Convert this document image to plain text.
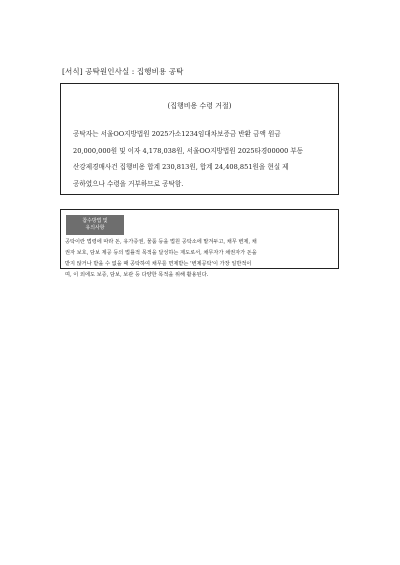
[서식] 공탁원인사실 : 집행비용 공탁
(집행비용 수령 거절)
공탁자는 서울OO지방법원 2025가소1234임대차보증금 반환 금액 원금
20,000,000원 및 이자 4,178,038원, 서울OO지방법원 2025타경00000 부동
산강제경매사건 집행비용 합계 230,813원, 합계 24,408,851원을 현실 제
공하였으나 수령을 거부하므로 공탁함.
참수방법 및
유의사항
공탁이란 법령에 따라 돈, 유가증권, 물품 등을 법원 공탁소에 맡겨두고, 채무 변제, 채
권자 보호, 담보 제공 등의 법률적 목적을 달성하는 제도로서, 채무자가 채권자가 돈을
받지 않거나 받을 수 없을 때 공탁하여 채무를 면제받는 '변제공탁'이 가장 일반적이
며, 이 외에도 보증, 담보, 보관 등 다양한 목적을 위해 활용된다.
